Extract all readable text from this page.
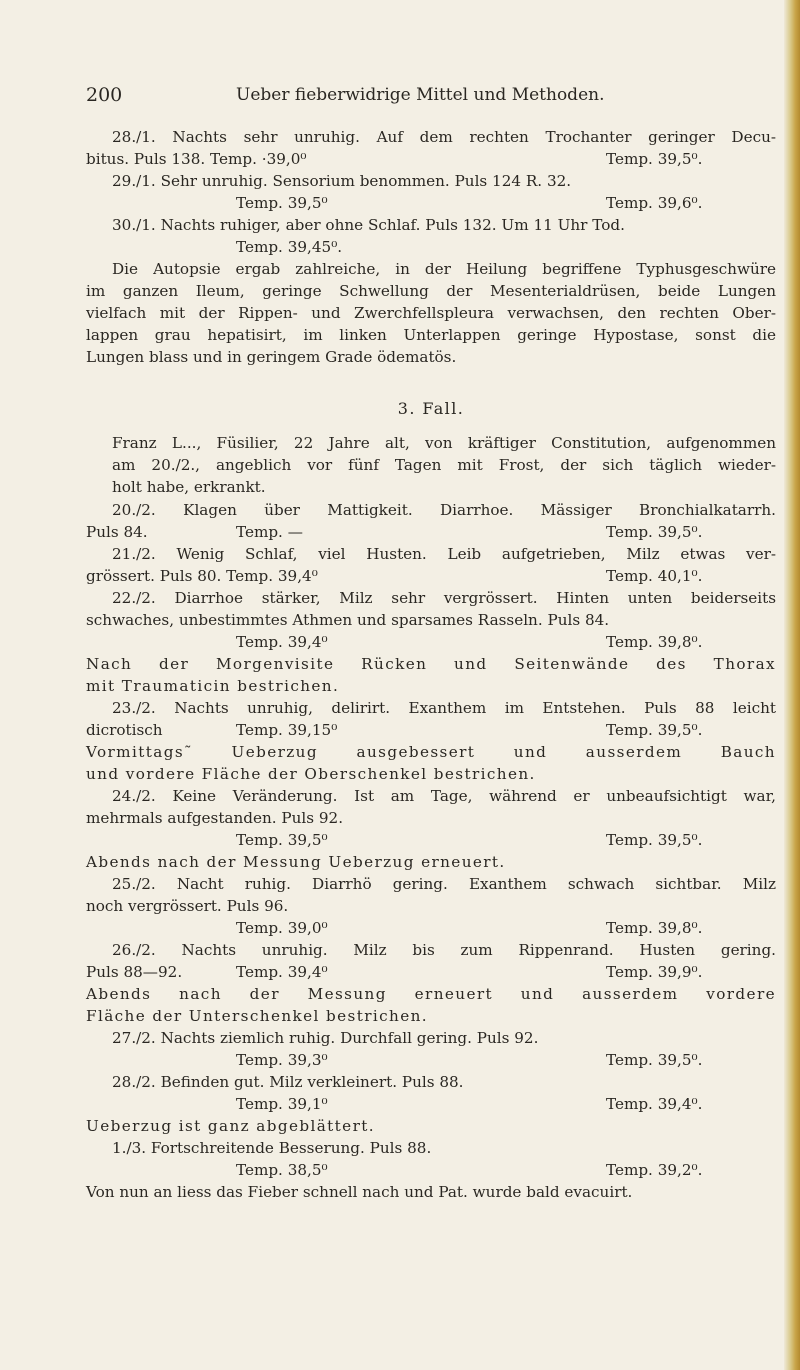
200	Ueber fieberwidrige Mittel und Methoden.
28./1. Nachts sehr unruhig. Auf dem rechten Trochanter geringer Decu-
bitus. Puls 138. Temp. ·39,0⁰	Temp. 39,5⁰.
29./1. Sehr unruhig. Sensorium benommen. Puls 124 R. 32.
Temp. 39,5⁰	Temp. 39,6⁰.
30./1. Nachts ruhiger, aber ohne Schlaf. Puls 132. Um 11 Uhr Tod.
Temp. 39,45⁰.
Die Autopsie ergab zahlreiche, in der Heilung begriffene Typhusgeschwüre
im ganzen Ileum, geringe Schwellung der Mesenterialdrüsen, beide Lungen
vielfach mit der Rippen- und Zwerchfellspleura verwachsen, den rechten Ober-
lappen grau hepatisirt, im linken Unterlappen geringe Hypostase, sonst die
Lungen blass und in geringem Grade ödematös.
3. Fall.
Franz L..., Füsilier, 22 Jahre alt, von kräftiger Constitution, aufgenommen
am 20./2., angeblich vor fünf Tagen mit Frost, der sich täglich wieder-
holt habe, erkrankt.
20./2. Klagen über Mattigkeit. Diarrhoe. Mässiger Bronchialkatarrh.
Puls 84.	Temp. —	Temp. 39,5⁰.
21./2. Wenig Schlaf, viel Husten. Leib aufgetrieben, Milz etwas ver-
grössert. Puls 80. Temp. 39,4⁰	Temp. 40,1⁰.
22./2. Diarrhoe stärker, Milz sehr vergrössert. Hinten unten beiderseits
schwaches, unbestimmtes Athmen und sparsames Rasseln. Puls 84.
Temp. 39,4⁰	Temp. 39,8⁰.
Nach der Morgenvisite Rücken und Seitenwände des Thorax
mit Traumaticin bestrichen.
23./2. Nachts unruhig, delirirt. Exanthem im Entstehen. Puls 88 leicht
dicrotisch	Temp. 39,15⁰	Temp. 39,5⁰.
Vormittags˜ Ueberzug ausgebessert und ausserdem Bauch
und vordere Fläche der Oberschenkel bestrichen.
24./2. Keine Veränderung. Ist am Tage, während er unbeaufsichtigt war,
mehrmals aufgestanden. Puls 92.
Temp. 39,5⁰	Temp. 39,5⁰.
Abends nach der Messung Ueberzug erneuert.
25./2. Nacht ruhig. Diarrhö gering. Exanthem schwach sichtbar. Milz
noch vergrössert. Puls 96.
Temp. 39,0⁰	Temp. 39,8⁰.
26./2. Nachts unruhig. Milz bis zum Rippenrand. Husten gering.
Puls 88—92.	Temp. 39,4⁰	Temp. 39,9⁰.
Abends nach der Messung erneuert und ausserdem vordere
Fläche der Unterschenkel bestrichen.
27./2. Nachts ziemlich ruhig. Durchfall gering. Puls 92.
Temp. 39,3⁰	Temp. 39,5⁰.
28./2. Befinden gut. Milz verkleinert. Puls 88.
Temp. 39,1⁰	Temp. 39,4⁰.
Ueberzug ist ganz abgeblättert.
1./3. Fortschreitende Besserung. Puls 88.
Temp. 38,5⁰	Temp. 39,2⁰.
Von nun an liess das Fieber schnell nach und Pat. wurde bald evacuirt.
